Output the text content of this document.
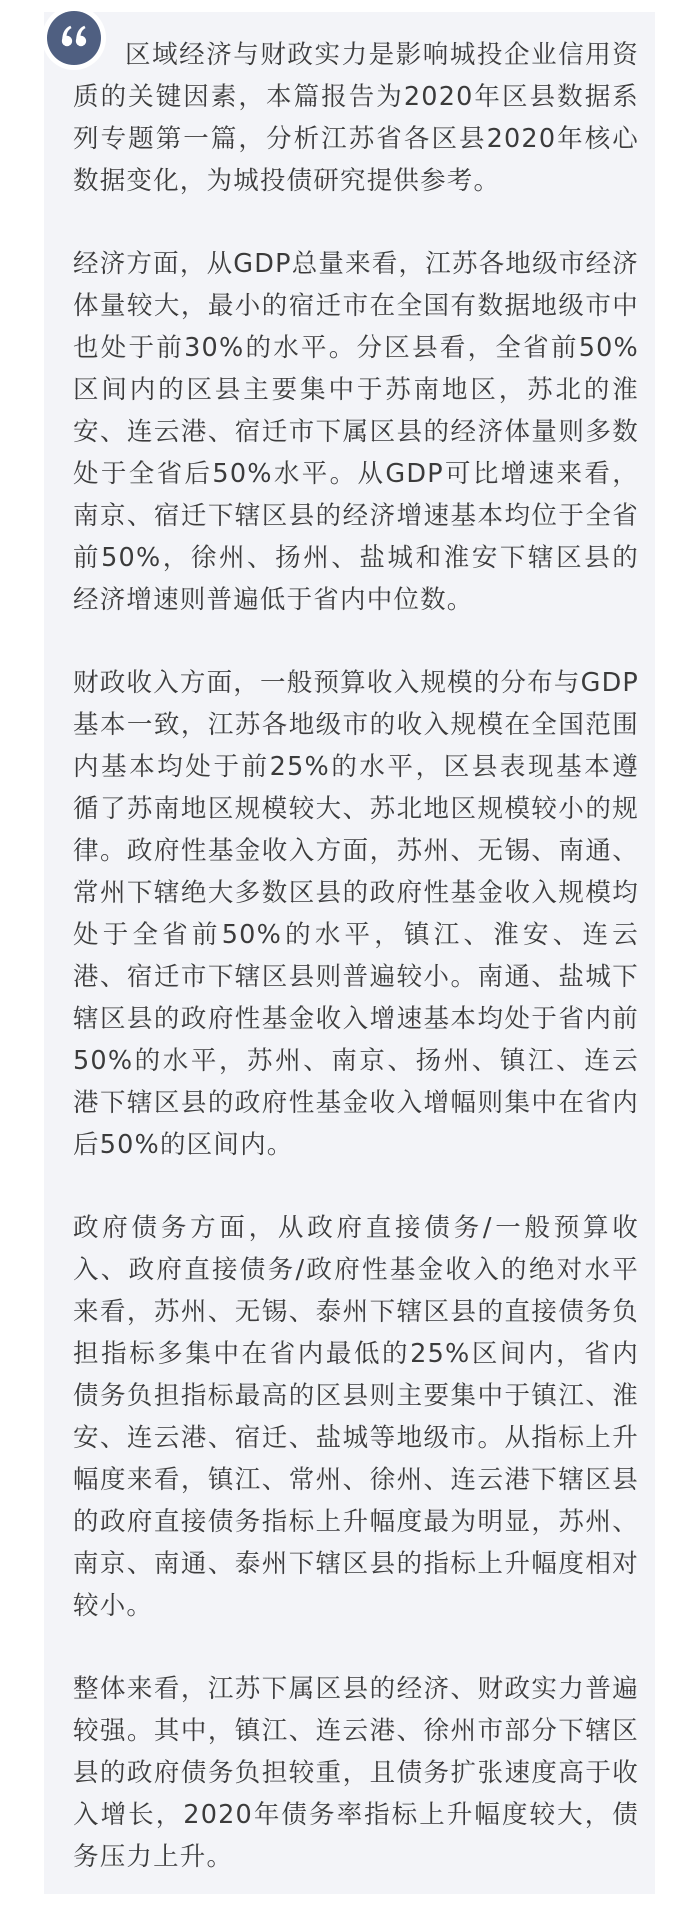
区域经济与财政实力是影响城投企业信用资质的关键因素，本篇报告为2020年区县数据系列专题第一篇，分析江苏省各区县2020年核心数据变化，为城投债研究提供参考。

经济方面，从GDP总量来看，江苏各地级市经济体量较大，最小的宿迁市在全国有数据地级市中也处于前30%的水平。分区县看，全省前50%区间内的区县主要集中于苏南地区，苏北的淮安、连云港、宿迁市下属区县的经济体量则多数处于全省后50%水平。从GDP可比增速来看，南京、宿迁下辖区县的经济增速基本均位于全省前50%，徐州、扬州、盐城和淮安下辖区县的经济增速则普遍低于省内中位数。

财政收入方面，一般预算收入规模的分布与GDP基本一致，江苏各地级市的收入规模在全国范围内基本均处于前25%的水平，区县表现基本遵循了苏南地区规模较大、苏北地区规模较小的规律。政府性基金收入方面，苏州、无锡、南通、常州下辖绝大多数区县的政府性基金收入规模均处于全省前50%的水平，镇江、淮安、连云港、宿迁市下辖区县则普遍较小。南通、盐城下辖区县的政府性基金收入增速基本均处于省内前50%的水平，苏州、南京、扬州、镇江、连云港下辖区县的政府性基金收入增幅则集中在省内后50%的区间内。

政府债务方面，从政府直接债务/一般预算收入、政府直接债务/政府性基金收入的绝对水平来看，苏州、无锡、泰州下辖区县的直接债务负担指标多集中在省内最低的25%区间内，省内债务负担指标最高的区县则主要集中于镇江、淮安、连云港、宿迁、盐城等地级市。从指标上升幅度来看，镇江、常州、徐州、连云港下辖区县的政府直接债务指标上升幅度最为明显，苏州、南京、南通、泰州下辖区县的指标上升幅度相对较小。

整体来看，江苏下属区县的经济、财政实力普遍较强。其中，镇江、连云港、徐州市部分下辖区县的政府债务负担较重，且债务扩张速度高于收入增长，2020年债务率指标上升幅度较大，债务压力上升。
